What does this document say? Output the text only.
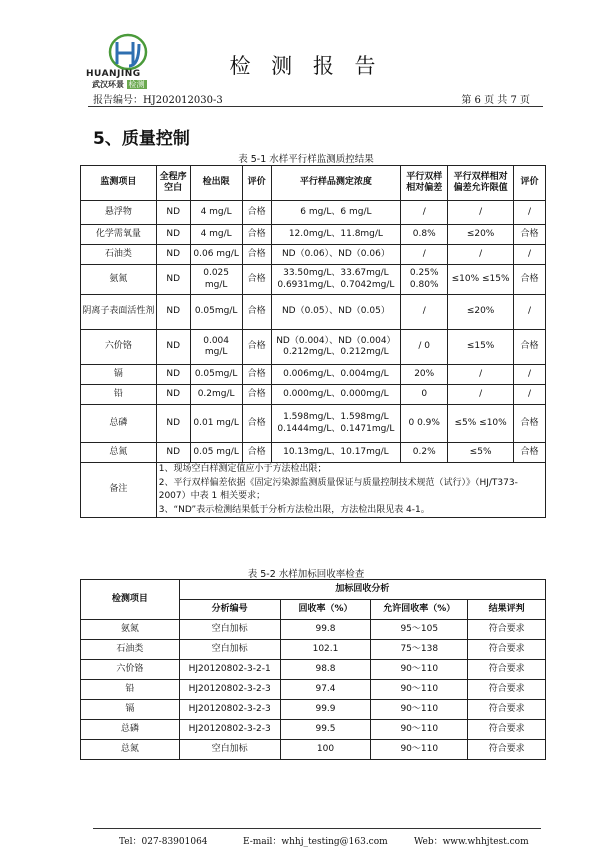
HUANJING
武汉环景 检测
检 测 报 告
报告编号：HJ202012030-3	第 6 页 共 7 页
5、质量控制
表 5-1 水样平行样监测质控结果
监测项目	全程序空白	检出限	评价	平行样品测定浓度	平行双样相对偏差	平行双样相对偏差允许限值	评价
悬浮物	ND	4 mg/L	合格	6 mg/L、6 mg/L	/	/	/
化学需氧量	ND	4 mg/L	合格	12.0mg/L、11.8mg/L	0.8%	≤20%	合格
石油类	ND	0.06 mg/L	合格	ND（0.06）、ND（0.06）	/	/	/
氨氮	ND	0.025 mg/L	合格	33.50mg/L、33.67mg/L 0.6931mg/L、0.7042mg/L	0.25% 0.80%	≤10% ≤15%	合格
阴离子表面活性剂	ND	0.05mg/L	合格	ND（0.05）、ND（0.05）	/	≤20%	/
六价铬	ND	0.004 mg/L	合格	ND（0.004）、ND（0.004） 0.212mg/L、0.212mg/L	/ 0	≤15%	合格
镉	ND	0.05mg/L	合格	0.006mg/L、0.004mg/L	20%	/	/
铅	ND	0.2mg/L	合格	0.000mg/L、0.000mg/L	0	/	/
总磷	ND	0.01 mg/L	合格	1.598mg/L、1.598mg/L 0.1444mg/L、0.1471mg/L	0 0.9%	≤5% ≤10%	合格
总氮	ND	0.05 mg/L	合格	10.13mg/L、10.17mg/L	0.2%	≤5%	合格
备注	1、现场空白样测定值应小于方法检出限；
2、平行双样偏差依据《固定污染源监测质量保证与质量控制技术规范（试行）》（HJ/T373-2007）中表 1 相关要求；
3、“ND”表示检测结果低于分析方法检出限，方法检出限见表 4-1。						
表 5-2 水样加标回收率检查
检测项目	加标回收分析			
	分析编号	回收率（%）	允许回收率（%）	结果评判
氨氮	空白加标	99.8	95～105	符合要求
石油类	空白加标	102.1	75～138	符合要求
六价铬	HJ20120802-3-2-1	98.8	90～110	符合要求
铅	HJ20120802-3-2-3	97.4	90～110	符合要求
镉	HJ20120802-3-2-3	99.9	90～110	符合要求
总磷	HJ20120802-3-2-3	99.5	90～110	符合要求
总氮	空白加标	100	90～110	符合要求
Tel：027-83901064	E-mail：whhj_testing@163.com	Web：www.whhjtest.com
